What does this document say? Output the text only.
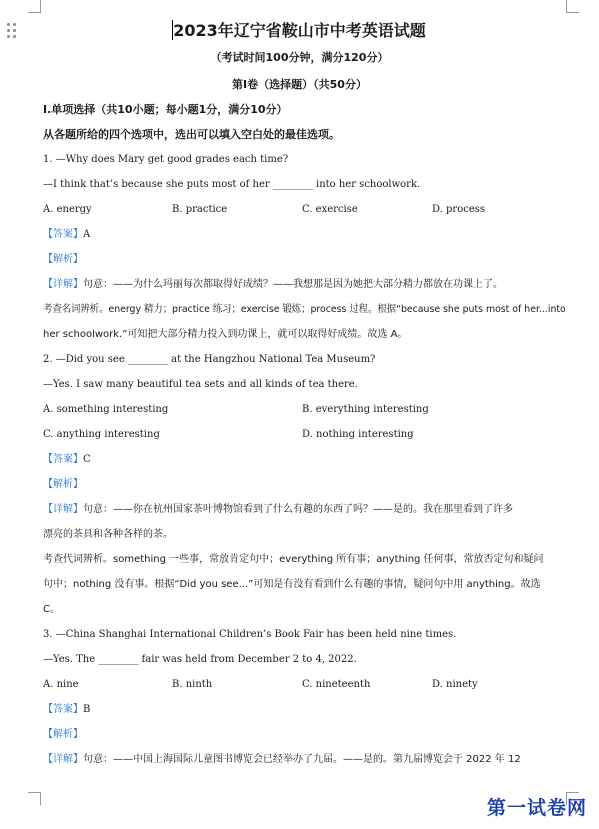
2023年辽宁省鞍山市中考英语试题
（考试时间100分钟，满分120分）
第Ⅰ卷（选择题）（共50分）
I.单项选择（共10小题；每小题1分，满分10分）
从各题所给的四个选项中，选出可以填入空白处的最佳选项。
1. —Why does Mary get good grades each time?
—I think that’s because she puts most of her ________ into her schoolwork.
A. energy	B. practice	C. exercise	D. process
【答案】A
【解析】
【详解】句意：——为什么玛丽每次都取得好成绩？——我想那是因为她把大部分精力都放在功课上了。
考查名词辨析。energy 精力；practice 练习；exercise 锻炼；process 过程。根据“because she puts most of her...into
her schoolwork.”可知把大部分精力投入到功课上，就可以取得好成绩。故选 A。
2. —Did you see ________ at the Hangzhou National Tea Museum?
—Yes. I saw many beautiful tea sets and all kinds of tea there.
A. something interesting	B. everything interesting
C. anything interesting	D. nothing interesting
【答案】C
【解析】
【详解】句意：——你在杭州国家茶叶博物馆看到了什么有趣的东西了吗？——是的。我在那里看到了许多
漂亮的茶具和各种各样的茶。
考查代词辨析。something 一些事，常放肯定句中；everything 所有事；anything 任何事，常放否定句和疑问
句中；nothing 没有事。根据“Did you see...”可知是有没有看到什么有趣的事情，疑问句中用 anything。故选
C。
3. —China Shanghai International Children’s Book Fair has been held nine times.
—Yes. The ________ fair was held from December 2 to 4, 2022.
A. nine	B. ninth	C. nineteenth	D. ninety
【答案】B
【解析】
【详解】句意：——中国上海国际儿童图书博览会已经举办了九届。——是的。第九届博览会于 2022 年 12
第一试卷网
